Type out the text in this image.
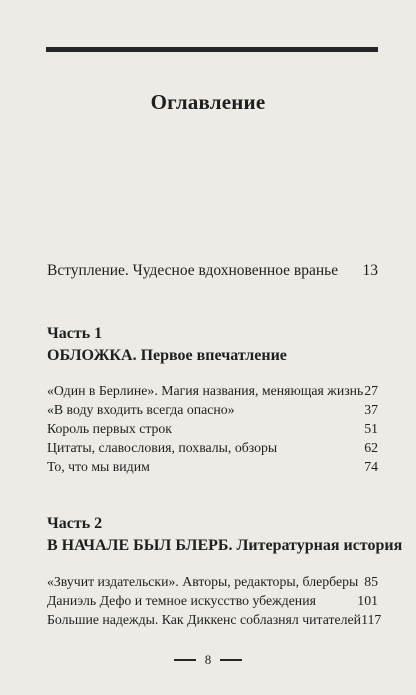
Оглавление
Вступление. Чудесное вдохновенное вранье 13
Часть 1
ОБЛОЖКА. Первое впечатление
«Один в Берлине». Магия названия, меняющая жизнь 27
«В воду входить всегда опасно»	37
Король первых строк	51
Цитаты, славословия, похвалы, обзоры	62
То, что мы видим	74
Часть 2
В НАЧАЛЕ БЫЛ БЛЕРБ. Литературная история
«Звучит издательски». Авторы, редакторы, блерберы 85
Даниэль Дефо и темное искусство убеждения	101
Большие надежды. Как Диккенс соблазнял читателей 117
8
